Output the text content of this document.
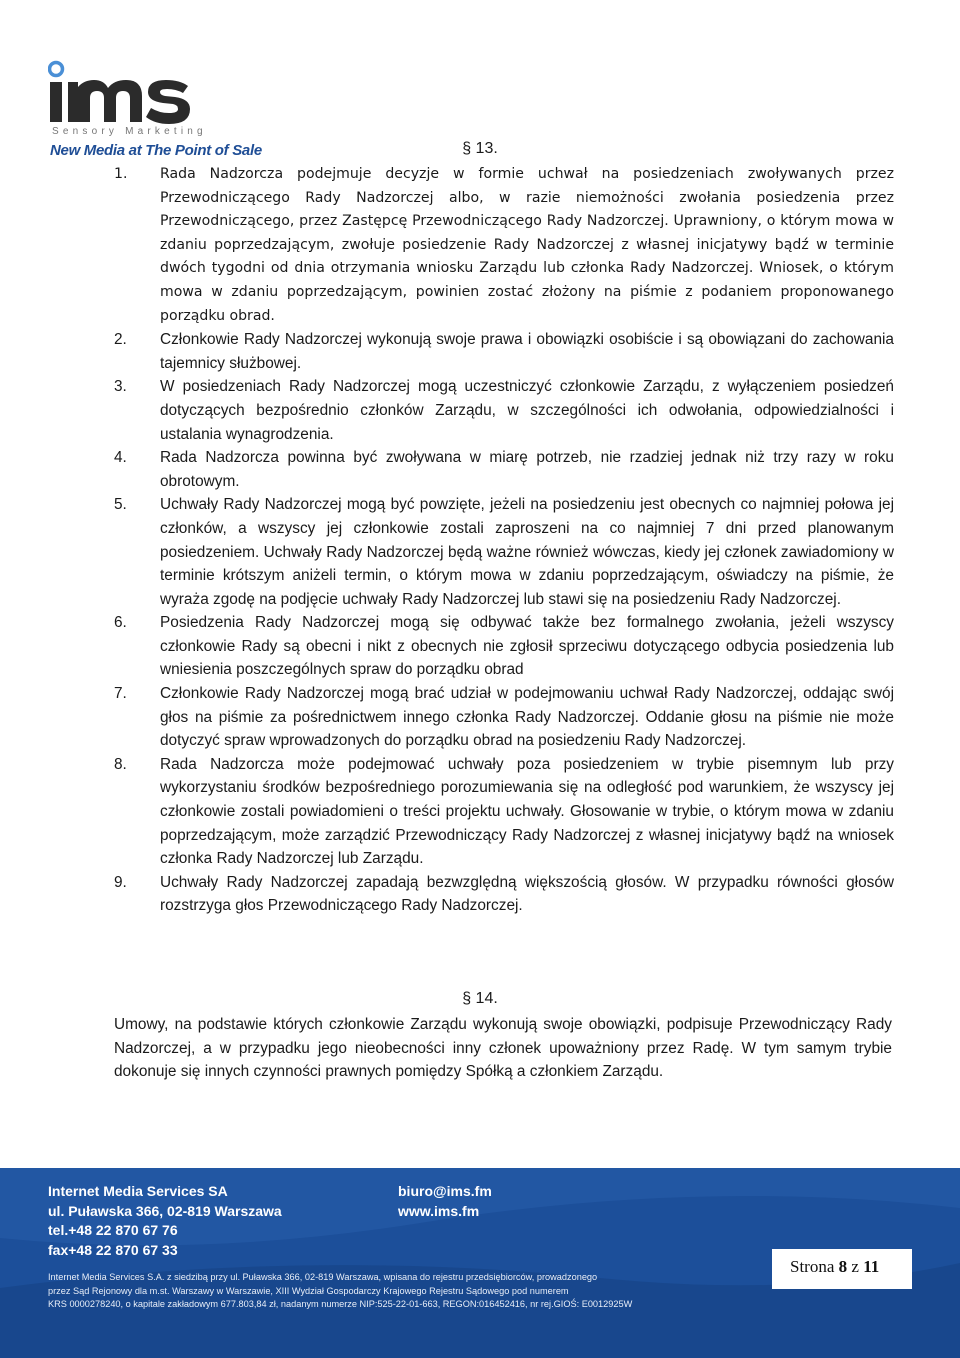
Sensory Marketing
New Media at The Point of Sale	§ 13.
1. Rada Nadzorcza podejmuje decyzje w formie uchwał na posiedzeniach zwoływanych przez Przewodniczącego Rady Nadzorczej albo, w razie niemożności zwołania posiedzenia przez Przewodniczącego, przez Zastępcę Przewodniczącego Rady Nadzorczej. Uprawniony, o którym mowa w zdaniu poprzedzającym, zwołuje posiedzenie Rady Nadzorczej z własnej inicjatywy bądź w terminie dwóch tygodni od dnia otrzymania wniosku Zarządu lub członka Rady Nadzorczej. Wniosek, o którym mowa w zdaniu poprzedzającym, powinien zostać złożony na piśmie z podaniem proponowanego porządku obrad.
2. Członkowie Rady Nadzorczej wykonują swoje prawa i obowiązki osobiście i są obowiązani do zachowania tajemnicy służbowej.
3. W posiedzeniach Rady Nadzorczej mogą uczestniczyć członkowie Zarządu, z wyłączeniem posiedzeń dotyczących bezpośrednio członków Zarządu, w szczególności ich odwołania, odpowiedzialności i ustalania wynagrodzenia.
4. Rada Nadzorcza powinna być zwoływana w miarę potrzeb, nie rzadziej jednak niż trzy razy w roku obrotowym.
5. Uchwały Rady Nadzorczej mogą być powzięte, jeżeli na posiedzeniu jest obecnych co najmniej połowa jej członków, a wszyscy jej członkowie zostali zaproszeni na co najmniej 7 dni przed planowanym posiedzeniem. Uchwały Rady Nadzorczej będą ważne również wówczas, kiedy jej członek zawiadomiony w terminie krótszym aniżeli termin, o którym mowa w zdaniu poprzedzającym, oświadczy na piśmie, że wyraża zgodę na podjęcie uchwały Rady Nadzorczej lub stawi się na posiedzeniu Rady Nadzorczej.
6. Posiedzenia Rady Nadzorczej mogą się odbywać także bez formalnego zwołania, jeżeli wszyscy członkowie Rady są obecni i nikt z obecnych nie zgłosił sprzeciwu dotyczącego odbycia posiedzenia lub wniesienia poszczególnych spraw do porządku obrad
7. Członkowie Rady Nadzorczej mogą brać udział w podejmowaniu uchwał Rady Nadzorczej, oddając swój głos na piśmie za pośrednictwem innego członka Rady Nadzorczej. Oddanie głosu na piśmie nie może dotyczyć spraw wprowadzonych do porządku obrad na posiedzeniu Rady Nadzorczej.
8. Rada Nadzorcza może podejmować uchwały poza posiedzeniem w trybie pisemnym lub przy wykorzystaniu środków bezpośredniego porozumiewania się na odległość pod warunkiem, że wszyscy jej członkowie zostali powiadomieni o treści projektu uchwały. Głosowanie w trybie, o którym mowa w zdaniu poprzedzającym, może zarządzić Przewodniczący Rady Nadzorczej z własnej inicjatywy bądź na wniosek członka Rady Nadzorczej lub Zarządu.
9. Uchwały Rady Nadzorczej zapadają bezwzględną większością głosów. W przypadku równości głosów rozstrzyga głos Przewodniczącego Rady Nadzorczej.
§ 14.
Umowy, na podstawie których członkowie Zarządu wykonują swoje obowiązki, podpisuje Przewodniczący Rady Nadzorczej, a w przypadku jego nieobecności inny członek upoważniony przez Radę. W tym samym trybie dokonuje się innych czynności prawnych pomiędzy Spółką a członkiem Zarządu.
Internet Media Services SA
ul. Puławska 366, 02-819 Warszawa
tel.+48 22 870 67 76
fax+48 22 870 67 33
biuro@ims.fm
www.ims.fm
Internet Media Services S.A. z siedzibą przy ul. Puławska 366, 02-819 Warszawa, wpisana do rejestru przedsiębiorców, prowadzonego
przez Sąd Rejonowy dla m.st. Warszawy w Warszawie, XIII Wydział Gospodarczy Krajowego Rejestru Sądowego pod numerem
KRS 0000278240, o kapitale zakładowym 677.803,84 zł, nadanym numerze NIP:525-22-01-663, REGON:016452416, nr rej.GIOŚ: E0012925W
Strona 8 z 11
